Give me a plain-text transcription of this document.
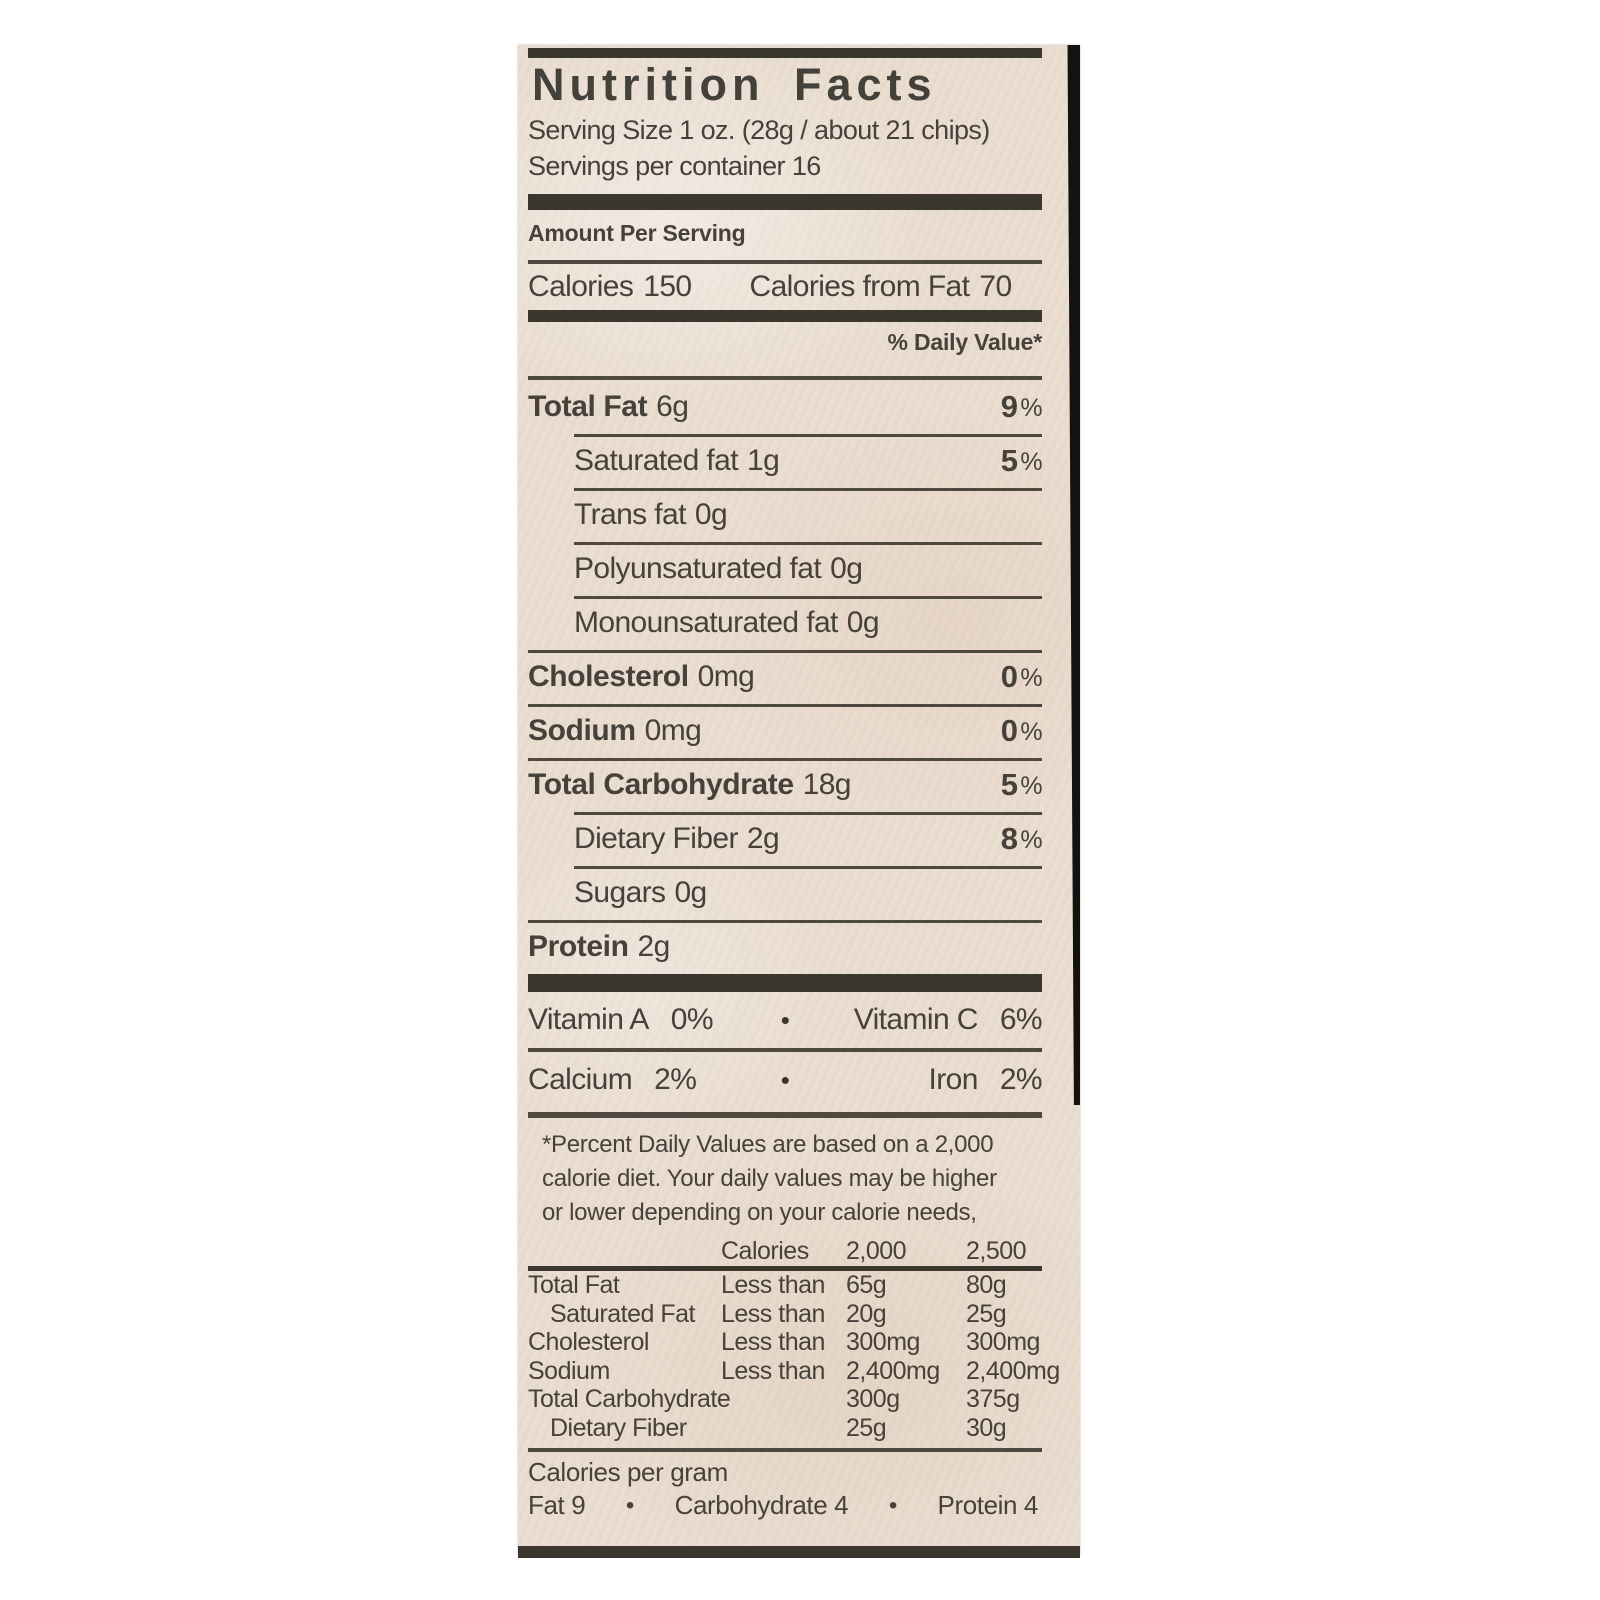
Nutrition Facts
Serving Size 1 oz. (28g / about 21 chips)
Servings per container 16
Amount Per Serving
Calories 150 Calories from Fat 70
% Daily Value*
Total Fat 6g	9 %
Saturated fat 1g	5 %
Trans fat 0g
Polyunsaturated fat 0g
Monounsaturated fat 0g
Cholesterol 0mg	0 %
Sodium 0mg	0 %
Total Carbohydrate 18g	5 %
Dietary Fiber 2g	8 %
Sugars 0g
Protein 2g
Vitamin A 0%	•	Vitamin C 6%
Calcium 2%	•	Iron 2%
*Percent Daily Values are based on a 2,000
calorie diet. Your daily values may be higher
or lower depending on your calorie needs,
Calories	2,000	2,500
Total Fat	Less than 65g	80g
Saturated Fat	Less than 20g	25g
Cholesterol	Less than 300mg	300mg
Sodium	Less than 2,400mg	2,400mg
Total Carbohydrate	300g	375g
Dietary Fiber	25g	30g
Calories per gram
Fat 9 • Carbohydrate 4 • Protein 4
